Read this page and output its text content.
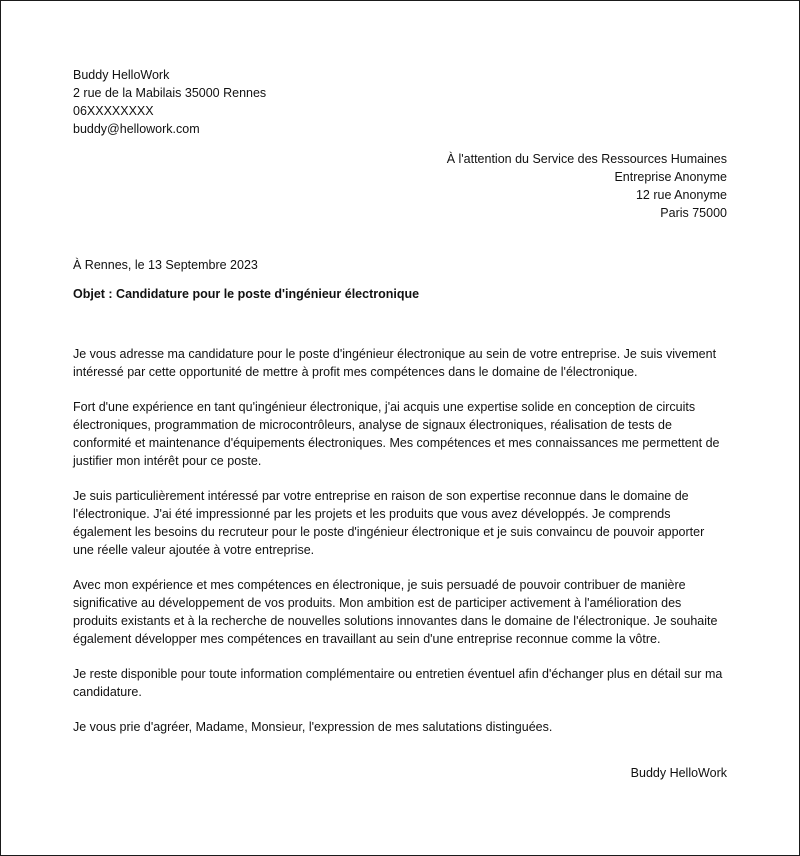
Buddy HelloWork
2 rue de la Mabilais 35000 Rennes
06XXXXXXXX
buddy@hellowork.com
À l'attention du Service des Ressources Humaines
Entreprise Anonyme
12 rue Anonyme
Paris 75000
À Rennes, le 13 Septembre 2023
Objet : Candidature pour le poste d'ingénieur électronique

Je vous adresse ma candidature pour le poste d'ingénieur électronique au sein de votre entreprise. Je suis vivement intéressé par cette opportunité de mettre à profit mes compétences dans le domaine de l'électronique.

Fort d'une expérience en tant qu'ingénieur électronique, j'ai acquis une expertise solide en conception de circuits électroniques, programmation de microcontrôleurs, analyse de signaux électroniques, réalisation de tests de conformité et maintenance d'équipements électroniques. Mes compétences et mes connaissances me permettent de justifier mon intérêt pour ce poste.

Je suis particulièrement intéressé par votre entreprise en raison de son expertise reconnue dans le domaine de l'électronique. J'ai été impressionné par les projets et les produits que vous avez développés. Je comprends également les besoins du recruteur pour le poste d'ingénieur électronique et je suis convaincu de pouvoir apporter une réelle valeur ajoutée à votre entreprise.

Avec mon expérience et mes compétences en électronique, je suis persuadé de pouvoir contribuer de manière significative au développement de vos produits. Mon ambition est de participer activement à l'amélioration des produits existants et à la recherche de nouvelles solutions innovantes dans le domaine de l'électronique. Je souhaite également développer mes compétences en travaillant au sein d'une entreprise reconnue comme la vôtre.

Je reste disponible pour toute information complémentaire ou entretien éventuel afin d'échanger plus en détail sur ma candidature.

Je vous prie d'agréer, Madame, Monsieur, l'expression de mes salutations distinguées.

Buddy HelloWork
